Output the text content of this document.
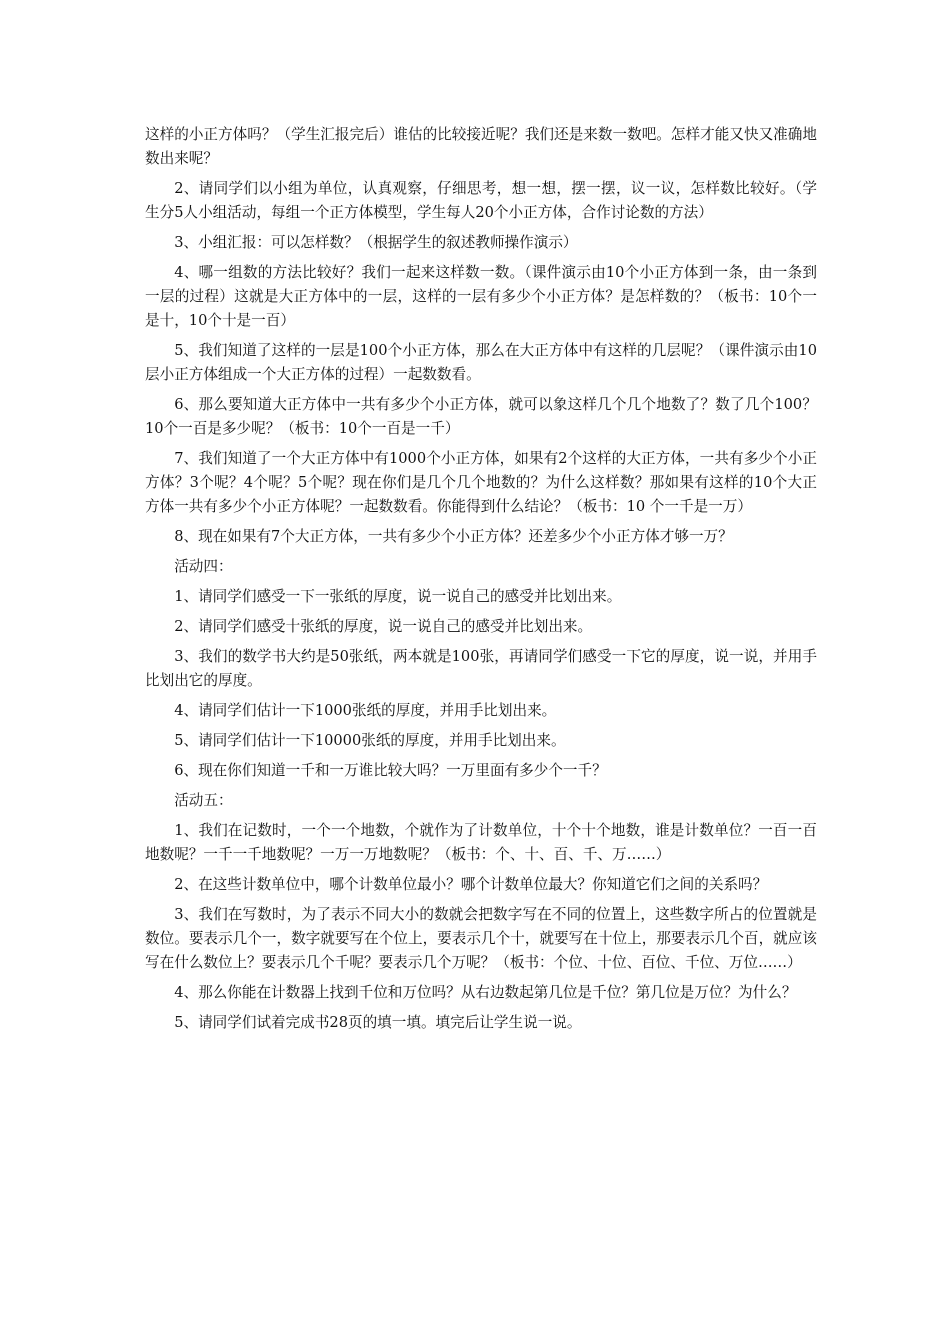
这样的小正方体吗？（学生汇报完后）谁估的比较接近呢？我们还是来数一数吧。怎样才能又快又准确地数出来呢？

2、请同学们以小组为单位，认真观察，仔细思考，想一想，摆一摆，议一议，怎样数比较好。（学生分5人小组活动，每组一个正方体模型，学生每人20个小正方体，合作讨论数的方法）

3、小组汇报：可以怎样数？（根据学生的叙述教师操作演示）

4、哪一组数的方法比较好？我们一起来这样数一数。（课件演示由10个小正方体到一条，由一条到一层的过程）这就是大正方体中的一层，这样的一层有多少个小正方体？是怎样数的？（板书：10个一是十，10个十是一百）

5、我们知道了这样的一层是100个小正方体，那么在大正方体中有这样的几层呢？（课件演示由10层小正方体组成一个大正方体的过程）一起数数看。

6、那么要知道大正方体中一共有多少个小正方体，就可以象这样几个几个地数了？数了几个100？10个一百是多少呢？（板书：10个一百是一千）

7、我们知道了一个大正方体中有1000个小正方体，如果有2个这样的大正方体，一共有多少个小正方体？3个呢？4个呢？5个呢？现在你们是几个几个地数的？为什么这样数？那如果有这样的10个大正方体一共有多少个小正方体呢？一起数数看。你能得到什么结论？（板书：10 个一千是一万）

8、现在如果有7个大正方体，一共有多少个小正方体？还差多少个小正方体才够一万？

活动四：

1、请同学们感受一下一张纸的厚度，说一说自己的感受并比划出来。

2、请同学们感受十张纸的厚度，说一说自己的感受并比划出来。

3、我们的数学书大约是50张纸，两本就是100张，再请同学们感受一下它的厚度，说一说，并用手比划出它的厚度。

4、请同学们估计一下1000张纸的厚度，并用手比划出来。

5、请同学们估计一下10000张纸的厚度，并用手比划出来。

6、现在你们知道一千和一万谁比较大吗？一万里面有多少个一千？

活动五：

1、我们在记数时，一个一个地数，个就作为了计数单位，十个十个地数，谁是计数单位？一百一百地数呢？一千一千地数呢？一万一万地数呢？（板书：个、十、百、千、万……）

2、在这些计数单位中，哪个计数单位最小？哪个计数单位最大？你知道它们之间的关系吗？

3、我们在写数时，为了表示不同大小的数就会把数字写在不同的位置上，这些数字所占的位置就是数位。要表示几个一，数字就要写在个位上，要表示几个十，就要写在十位上，那要表示几个百，就应该写在什么数位上？要表示几个千呢？要表示几个万呢？（板书：个位、十位、百位、千位、万位……）

4、那么你能在计数器上找到千位和万位吗？从右边数起第几位是千位？第几位是万位？为什么？

5、请同学们试着完成书28页的填一填。填完后让学生说一说。
